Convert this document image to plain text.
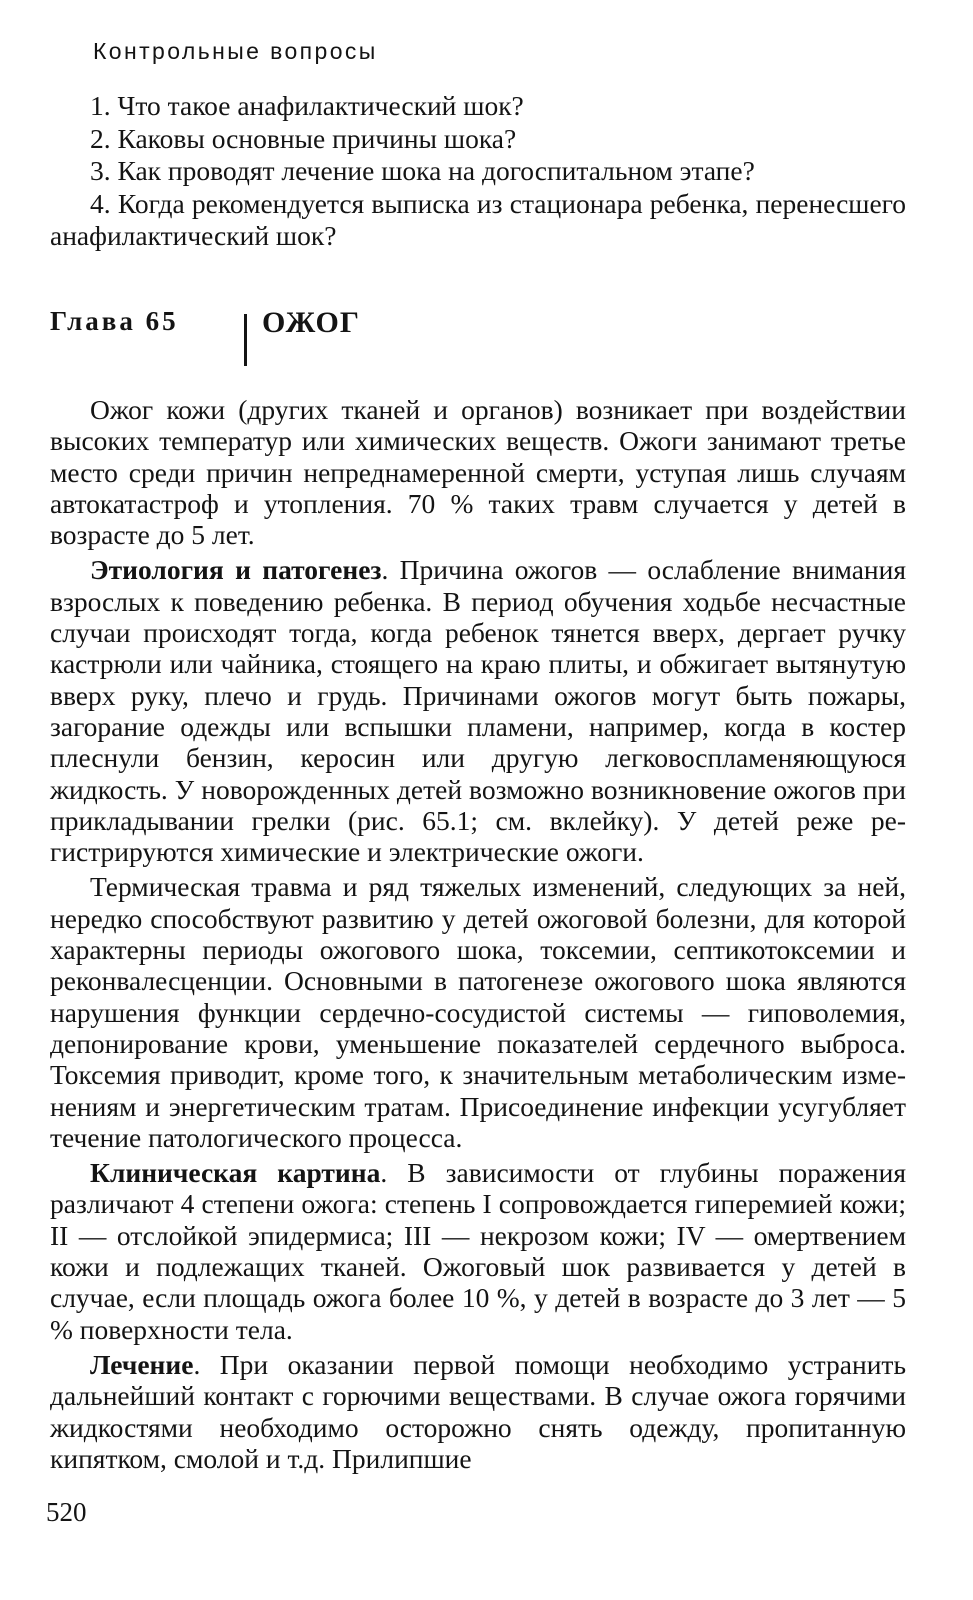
Контрольные вопросы

1. Что такое анафилактический шок?

2. Каковы основные причины шока?

3. Как проводят лечение шока на догоспитальном этапе?

4. Когда рекомендуется выписка из стационара ребенка, перенесшего анафилактический шок?

Глава 65	ОЖОГ

Ожог кожи (других тканей и органов) возникает при воздействии высоких температур или химических веществ. Ожоги занимают третье место среди причин непреднамеренной смерти, уступая лишь случаям автокатастроф и утопления. 70 % таких травм случается у детей в возрасте до 5 лет.

Этиология и патогенез. Причина ожогов — ослабление внимания взрослых к поведению ребенка. В период обучения ходьбе несчастные случаи происходят тогда, когда ребенок тянется вверх, дергает ручку кастрюли или чайника, стоящего на краю плиты, и обжигает вытянутую вверх руку, плечо и грудь. Причинами ожогов могут быть пожары, загорание одежды или вспышки пламени, например, когда в костер плеснули бензин, керосин или другую легковоспламеняющуюся жидкость. У новорожденных детей возможно возникновение ожогов при прикладывании грелки (рис. 65.1; см. вклейку). У детей реже регистрируются химические и электрические ожоги.

Термическая травма и ряд тяжелых изменений, следующих за ней, нередко способствуют развитию у детей ожоговой болезни, для которой характерны периоды ожогового шока, токсемии, септикотоксемии и реконвалесценции. Основными в патогенезе ожогового шока являются нарушения функции сердечно-сосудистой системы — гиповолемия, депонирование крови, уменьшение показателей сердечного выброса. Токсемия приводит, кроме того, к значительным метаболическим изменениям и энергетическим тратам. Присоединение инфекции усугубляет течение патологического процесса.

Клиническая картина. В зависимости от глубины поражения различают 4 степени ожога: степень I сопровождается гиперемией кожи; II — отслойкой эпидермиса; III — некрозом кожи; IV — омертвением кожи и подлежащих тканей. Ожоговый шок развивается у детей в случае, если площадь ожога более 10 %, у детей в возрасте до 3 лет — 5 % поверхности тела.

Лечение. При оказании первой помощи необходимо устранить дальнейший контакт с горючими веществами. В случае ожога горячими жидкостями необходимо осторожно снять одежду, пропитанную кипятком, смолой и т.д. Прилипшие

520
